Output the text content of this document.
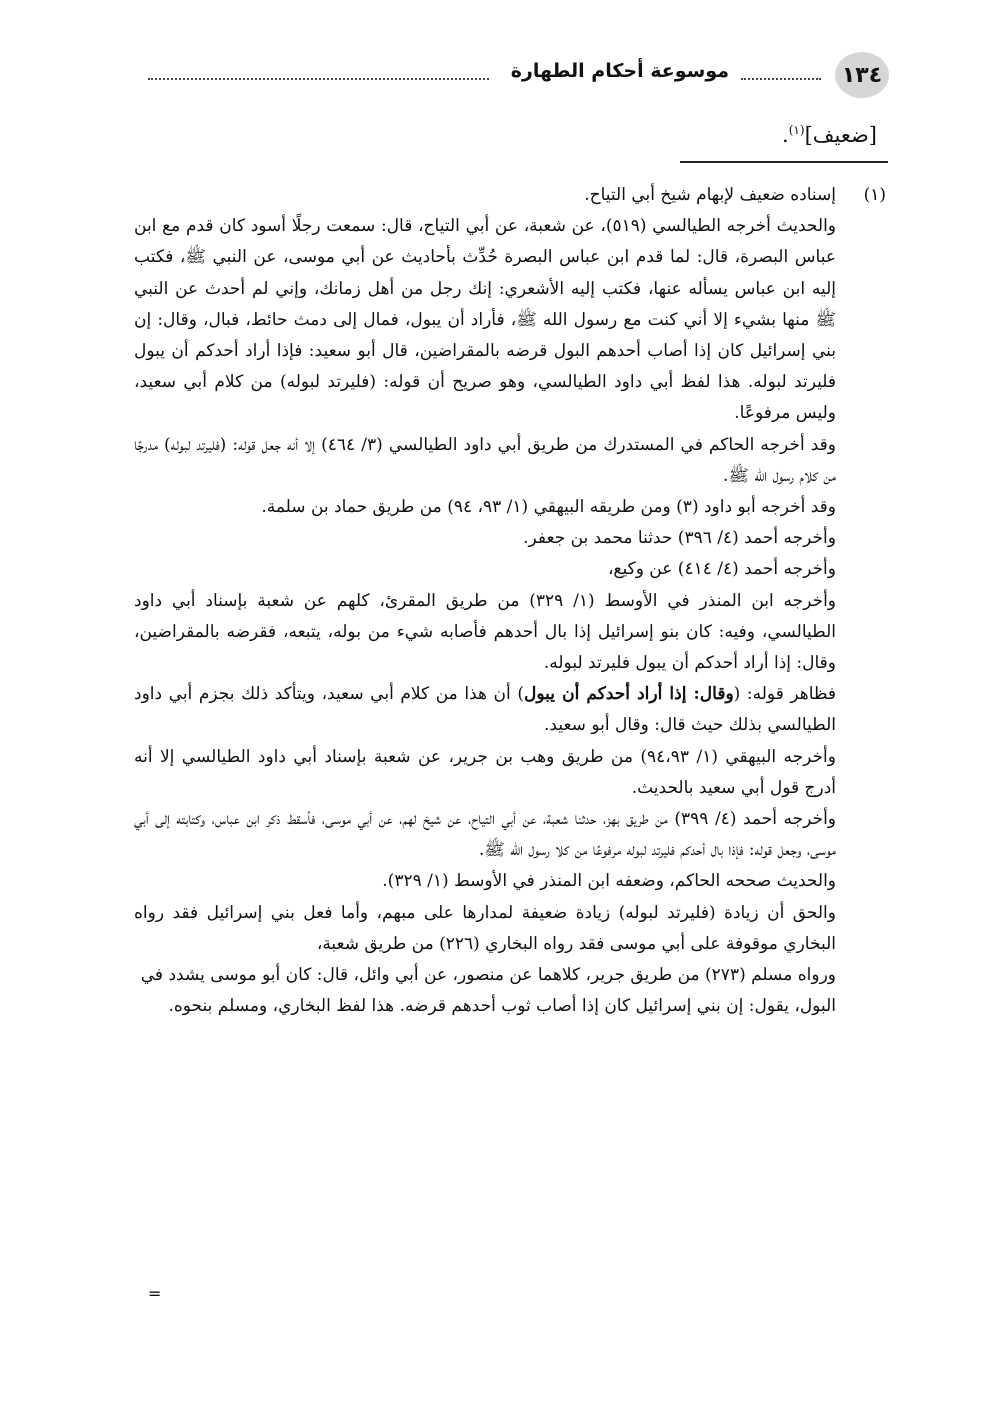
١٣٤
موسوعة أحكام الطهارة
[ضعيف]$^{(١)}$.
(١)

إسناده ضعيف لإبهام شيخ أبي التياح.

والحديث أخرجه الطيالسي (٥١٩)، عن شعبة، عن أبي التياح، قال: سمعت رجلًا أسود كان قدم مع ابن عباس البصرة، قال: لما قدم ابن عباس البصرة حُدِّث بأحاديث عن أبي موسى، عن النبي ﷺ، فكتب إليه ابن عباس يسأله عنها، فكتب إليه الأشعري: إنك رجل من أهل زمانك، وإني لم أحدث عن النبي ﷺ منها بشيء إلا أني كنت مع رسول الله ﷺ، فأراد أن يبول، فمال إلى دمث حائط، فبال، وقال: إن بني إسرائيل كان إذا أصاب أحدهم البول قرضه بالمقراضين، قال أبو سعيد: فإذا أراد أحدكم أن يبول فليرتد لبوله. هذا لفظ أبي داود الطيالسي، وهو صريح أن قوله: (فليرتد لبوله) من كلام أبي سعيد، وليس مرفوعًا.

وقد أخرجه الحاكم في المستدرك من طريق أبي داود الطيالسي (٣/ ٤٦٤) إلا أنه جعل قوله: (فليرتد لبوله) مدرجًا من كلام رسول الله ﷺ.

وقد أخرجه أبو داود (٣) ومن طريقه البيهقي (١/ ٩٣، ٩٤) من طريق حماد بن سلمة.

وأخرجه أحمد (٤/ ٣٩٦) حدثنا محمد بن جعفر.

وأخرجه أحمد (٤/ ٤١٤) عن وكيع،

وأخرجه ابن المنذر في الأوسط (١/ ٣٢٩) من طريق المقرئ، كلهم عن شعبة بإسناد أبي داود الطيالسي، وفيه: كان بنو إسرائيل إذا بال أحدهم فأصابه شيء من بوله، يتبعه، فقرضه بالمقراضين، وقال: إذا أراد أحدكم أن يبول فليرتد لبوله.

فظاهر قوله: (وقال: إذا أراد أحدكم أن يبول) أن هذا من كلام أبي سعيد، ويتأكد ذلك بجزم أبي داود الطيالسي بذلك حيث قال: وقال أبو سعيد.

وأخرجه البيهقي (١/ ٩٤،٩٣) من طريق وهب بن جرير، عن شعبة بإسناد أبي داود الطيالسي إلا أنه أدرج قول أبي سعيد بالحديث.

وأخرجه أحمد (٤/ ٣٩٩) من طريق بهز، حدثنا شعبة، عن أبي التياح، عن شيخ لهم، عن أبي موسى، فأسقط ذكر ابن عباس، وكتابته إلى أبي موسى، وجعل قوله: فإذا بال أحدكم فليرتد لبوله مرفوعًا من كلا رسول الله ﷺ.

والحديث صححه الحاكم، وضعفه ابن المنذر في الأوسط (١/ ٣٢٩).

والحق أن زيادة (فليرتد لبوله) زيادة ضعيفة لمدارها على مبهم، وأما فعل بني إسرائيل فقد رواه البخاري موقوفة على أبي موسى فقد رواه البخاري (٢٢٦) من طريق شعبة،

ورواه مسلم (٢٧٣) من طريق جرير، كلاهما عن منصور، عن أبي وائل، قال: كان أبو موسى يشدد في البول، يقول: إن بني إسرائيل كان إذا أصاب ثوب أحدهم قرضه. هذا لفظ البخاري، ومسلم بنحوه.

=
